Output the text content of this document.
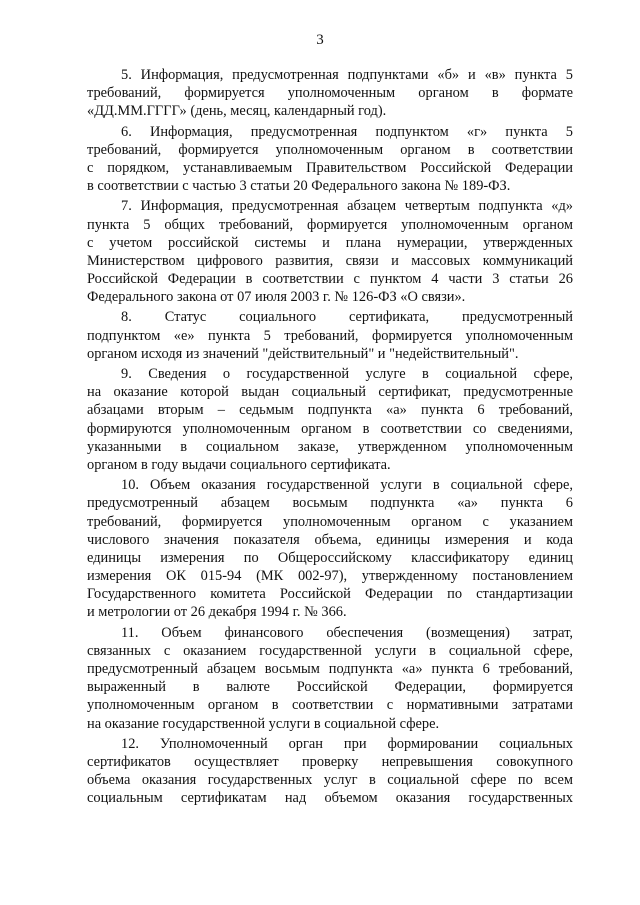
3
5. Информация, предусмотренная подпунктами «б» и «в» пункта 5
требований, формируется уполномоченным органом в формате
«ДД.ММ.ГГГГ» (день, месяц, календарный год).
6. Информация, предусмотренная подпунктом «г» пункта 5
требований, формируется уполномоченным органом в соответствии
с порядком, устанавливаемым Правительством Российской Федерации
в соответствии с частью 3 статьи 20 Федерального закона № 189-ФЗ.
7. Информация, предусмотренная абзацем четвертым подпункта «д»
пункта 5 общих требований, формируется уполномоченным органом
с учетом российской системы и плана нумерации, утвержденных
Министерством цифрового развития, связи и массовых коммуникаций
Российской Федерации в соответствии с пунктом 4 части 3 статьи 26
Федерального закона от 07 июля 2003 г. № 126-ФЗ «О связи».
8. Статус социального сертификата, предусмотренный
подпунктом «е» пункта 5 требований, формируется уполномоченным
органом исходя из значений "действительный" и "недействительный".
9. Сведения о государственной услуге в социальной сфере,
на оказание которой выдан социальный сертификат, предусмотренные
абзацами вторым – седьмым подпункта «а» пункта 6 требований,
формируются уполномоченным органом в соответствии со сведениями,
указанными в социальном заказе, утвержденном уполномоченным
органом в году выдачи социального сертификата.
10. Объем оказания государственной услуги в социальной сфере,
предусмотренный абзацем восьмым подпункта «а» пункта 6
требований, формируется уполномоченным органом с указанием
числового значения показателя объема, единицы измерения и кода
единицы измерения по Общероссийскому классификатору единиц
измерения ОК 015-94 (МК 002-97), утвержденному постановлением
Государственного комитета Российской Федерации по стандартизации
и метрологии от 26 декабря 1994 г. № 366.
11. Объем финансового обеспечения (возмещения) затрат,
связанных с оказанием государственной услуги в социальной сфере,
предусмотренный абзацем восьмым подпункта «а» пункта 6 требований,
выраженный в валюте Российской Федерации, формируется
уполномоченным органом в соответствии с нормативными затратами
на оказание государственной услуги в социальной сфере.
12. Уполномоченный орган при формировании социальных
сертификатов осуществляет проверку непревышения совокупного
объема оказания государственных услуг в социальной сфере по всем
социальным сертификатам над объемом оказания государственных
